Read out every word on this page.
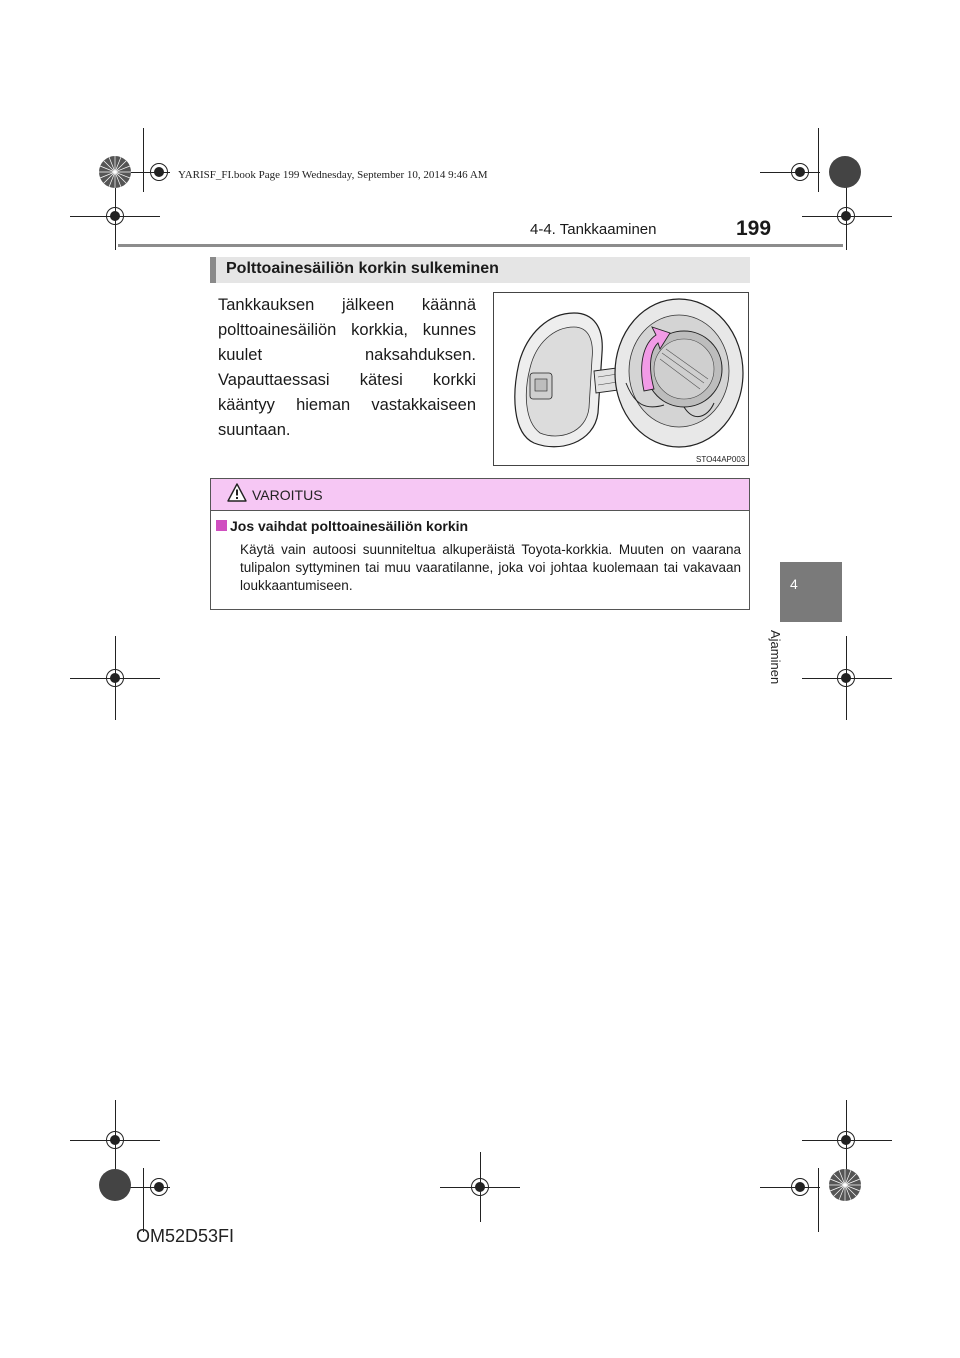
YARISF_FI.book Page 199 Wednesday, September 10, 2014 9:46 AM
4-4. Tankkaaminen	199
4
Ajaminen
Polttoainesäiliön korkin sulkeminen
Tankkauksen jälkeen käännä polttoainesäiliön korkkia, kunnes kuulet naksahduksen. Vapauttaessasi kätesi korkki kääntyy hieman vastakkaiseen suuntaan.
STO44AP003
VAROITUS
Jos vaihdat polttoainesäiliön korkin
Käytä vain autoosi suunniteltua alkuperäistä Toyota-korkkia. Muuten on vaarana tulipalon syttyminen tai muu vaaratilanne, joka voi johtaa kuolemaan tai vakavaan loukkaantumiseen.
OM52D53FI
